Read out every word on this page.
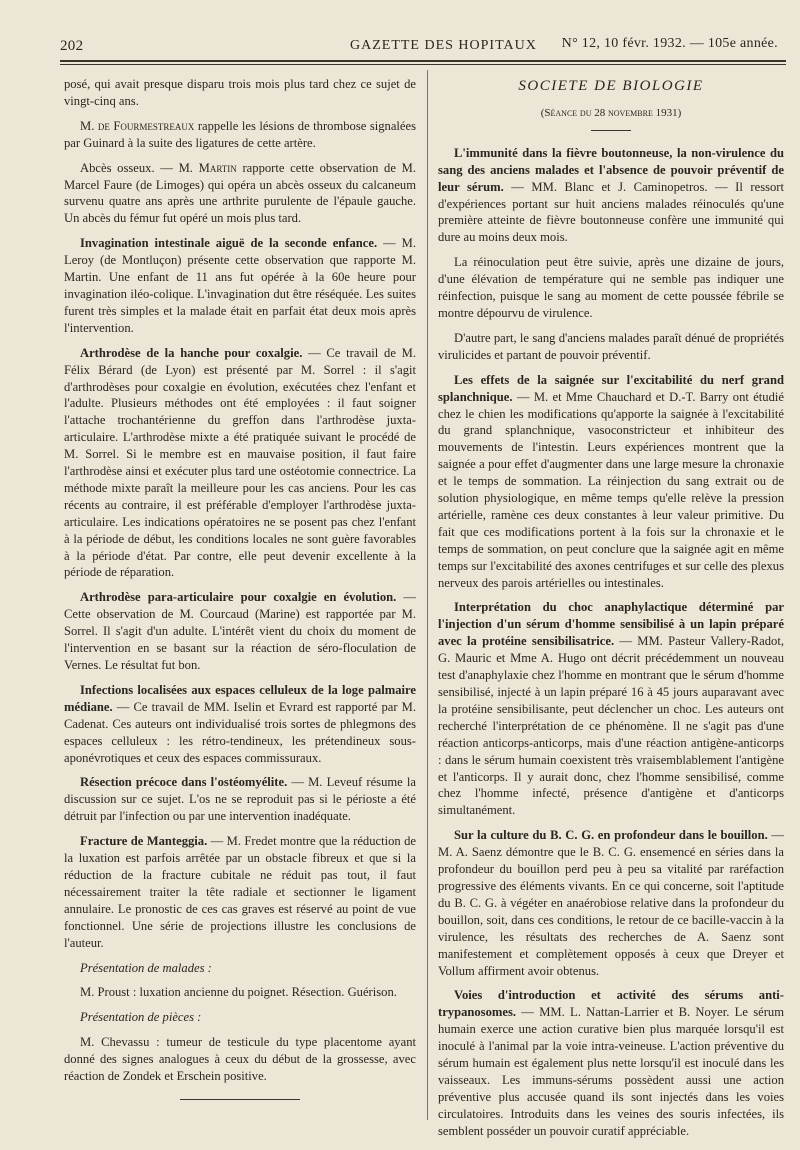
202	GAZETTE DES HOPITAUX N° 12, 10 févr. 1932. — 105e année.

posé, qui avait presque disparu trois mois plus tard chez ce sujet de vingt-cinq ans.

M. de Fourmestreaux rappelle les lésions de thrombose signalées par Guinard à la suite des ligatures de cette artère.

Abcès osseux. — M. Martin rapporte cette observation de M. Marcel Faure (de Limoges) qui opéra un abcès osseux du calcaneum survenu quatre ans après une arthrite purulente de l'épaule gauche. Un abcès du fémur fut opéré un mois plus tard.

Invagination intestinale aiguë de la seconde enfance. — M. Leroy (de Montluçon) présente cette observation que rapporte M. Martin. Une enfant de 11 ans fut opérée à la 60e heure pour invagination iléo-colique. L'invagination dut être réséquée. Les suites furent très simples et la malade était en parfait état deux mois après l'intervention.

Arthrodèse de la hanche pour coxalgie. — Ce travail de M. Félix Bérard (de Lyon) est présenté par M. Sorrel : il s'agit d'arthrodèses pour coxalgie en évolution, exécutées chez l'enfant et l'adulte. Plusieurs méthodes ont été employées : il faut soigner l'attache trochantérienne du greffon dans l'arthrodèse juxta-articulaire. L'arthrodèse mixte a été pratiquée suivant le procédé de M. Sorrel. Si le membre est en mauvaise position, il faut faire l'arthrodèse ainsi et exécuter plus tard une ostéotomie connectrice. La méthode mixte paraît la meilleure pour les cas anciens. Pour les cas récents au contraire, il est préférable d'employer l'arthrodèse juxta-articulaire. Les indications opératoires ne se posent pas chez l'enfant à la période de début, les conditions locales ne sont guère favorables à la période d'état. Par contre, elle peut devenir excellente à la période de réparation.

Arthrodèse para-articulaire pour coxalgie en évolution. — Cette observation de M. Courcaud (Marine) est rapportée par M. Sorrel. Il s'agit d'un adulte. L'intérêt vient du choix du moment de l'intervention en se basant sur la réaction de séro-floculation de Vernes. Le résultat fut bon.

Infections localisées aux espaces celluleux de la loge palmaire médiane. — Ce travail de MM. Iselin et Evrard est rapporté par M. Cadenat. Ces auteurs ont individualisé trois sortes de phlegmons des espaces celluleux : les rétro-tendineux, les prétendineux sous-aponévrotiques et ceux des espaces commissuraux.

Résection précoce dans l'ostéomyélite. — M. Leveuf résume la discussion sur ce sujet. L'os ne se reproduit pas si le périoste a été détruit par l'infection ou par une intervention inadéquate.

Fracture de Manteggia. — M. Fredet montre que la réduction de la luxation est parfois arrêtée par un obstacle fibreux et que si la réduction de la fracture cubitale ne réduit pas tout, il faut nécessairement traiter la tête radiale et sectionner le ligament annulaire. Le pronostic de ces cas graves est réservé au point de vue fonctionnel. Une série de projections illustre les conclusions de l'auteur.

Présentation de malades :

M. Proust : luxation ancienne du poignet. Résection. Guérison.

Présentation de pièces :

M. Chevassu : tumeur de testicule du type placentome ayant donné des signes analogues à ceux du début de la grossesse, avec réaction de Zondek et Erschein positive.

SOCIETE DE BIOLOGIE
(Séance du 28 novembre 1931)

L'immunité dans la fièvre boutonneuse, la non-virulence du sang des anciens malades et l'absence de pouvoir préventif de leur sérum. — MM. Blanc et J. Caminopetros. — Il ressort d'expériences portant sur huit anciens malades réinoculés qu'une première atteinte de fièvre boutonneuse confère une immunité qui dure au moins deux mois.

La réinoculation peut être suivie, après une dizaine de jours, d'une élévation de température qui ne semble pas indiquer une réinfection, puisque le sang au moment de cette poussée fébrile se montre dépourvu de virulence.

D'autre part, le sang d'anciens malades paraît dénué de propriétés virulicides et partant de pouvoir préventif.

Les effets de la saignée sur l'excitabilité du nerf grand splanchnique. — M. et Mme Chauchard et D.-T. Barry ont étudié chez le chien les modifications qu'apporte la saignée à l'excitabilité du grand splanchnique, vasoconstricteur et inhibiteur des mouvements de l'intestin. Leurs expériences montrent que la saignée a pour effet d'augmenter dans une large mesure la chronaxie et le temps de sommation. La réinjection du sang extrait ou de solution physiologique, en même temps qu'elle relève la pression artérielle, ramène ces deux constantes à leur valeur primitive. Du fait que ces modifications portent à la fois sur la chronaxie et le temps de sommation, on peut conclure que la saignée agit en même temps sur l'excitabilité des axones centrifuges et sur celle des plexus nerveux des parois artérielles ou intestinales.

Interprétation du choc anaphylactique déterminé par l'injection d'un sérum d'homme sensibilisé à un lapin préparé avec la protéine sensibilisatrice. — MM. Pasteur Vallery-Radot, G. Mauric et Mme A. Hugo ont décrit précédemment un nouveau test d'anaphylaxie chez l'homme en montrant que le sérum d'homme sensibilisé, injecté à un lapin préparé 16 à 45 jours auparavant avec la protéine sensibilisante, peut déclencher un choc. Les auteurs ont recherché l'interprétation de ce phénomène. Il ne s'agit pas d'une réaction anticorps-anticorps, mais d'une réaction antigène-anticorps : dans le sérum humain coexistent très vraisemblablement l'antigène et l'anticorps. Il y aurait donc, chez l'homme sensibilisé, comme chez l'homme infecté, présence d'antigène et d'anticorps simultanément.

Sur la culture du B. C. G. en profondeur dans le bouillon. — M. A. Saenz démontre que le B. C. G. ensemencé en séries dans la profondeur du bouillon perd peu à peu sa vitalité par raréfaction progressive des éléments vivants. En ce qui concerne, soit l'aptitude du B. C. G. à végéter en anaérobiose relative dans la profondeur du bouillon, soit, dans ces conditions, le retour de ce bacille-vaccin à la virulence, les résultats des recherches de A. Saenz sont manifestement et complètement opposés à ceux que Dreyer et Vollum affirment avoir obtenus.

Voies d'introduction et activité des sérums anti-trypanosomes. — MM. L. Nattan-Larrier et B. Noyer. Le sérum humain exerce une action curative bien plus marquée lorsqu'il est inoculé à l'animal par la voie intra-veineuse. L'action préventive du sérum humain est également plus nette lorsqu'il est inoculé dans les vaisseaux. Les immuns-sérums possèdent aussi une action préventive plus accusée quand ils sont injectés dans les voies circulatoires. Introduits dans les veines des souris infectées, ils semblent posséder un pouvoir curatif appréciable.
